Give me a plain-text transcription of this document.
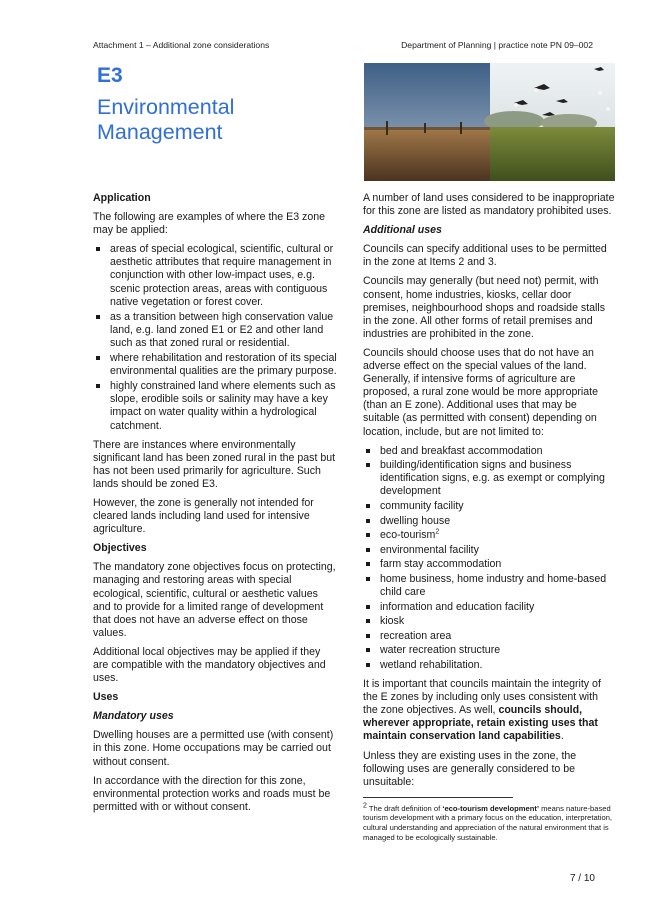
Attachment 1 – Additional zone considerations	Department of Planning | practice note PN 09–002
E3
Environmental Management
Application

The following are examples of where the E3 zone may be applied:

areas of special ecological, scientific, cultural or aesthetic attributes that require management in conjunction with other low-impact uses, e.g. scenic protection areas, areas with contiguous native vegetation or forest cover.
as a transition between high conservation value land, e.g. land zoned E1 or E2 and other land such as that zoned rural or residential.
where rehabilitation and restoration of its special environmental qualities are the primary purpose.
highly constrained land where elements such as slope, erodible soils or salinity may have a key impact on water quality within a hydrological catchment.

There are instances where environmentally significant land has been zoned rural in the past but has not been used primarily for agriculture. Such lands should be zoned E3.

However, the zone is generally not intended for cleared lands including land used for intensive agriculture.

Objectives

The mandatory zone objectives focus on protecting, managing and restoring areas with special ecological, scientific, cultural or aesthetic values and to provide for a limited range of development that does not have an adverse effect on those values.

Additional local objectives may be applied if they are compatible with the mandatory objectives and uses.

Uses
Mandatory uses

Dwelling houses are a permitted use (with consent) in this zone. Home occupations may be carried out without consent.

In accordance with the direction for this zone, environmental protection works and roads must be permitted with or without consent.

A number of land uses considered to be inappropriate for this zone are listed as mandatory prohibited uses.

Additional uses

Councils can specify additional uses to be permitted in the zone at Items 2 and 3.

Councils may generally (but need not) permit, with consent, home industries, kiosks, cellar door premises, neighbourhood shops and roadside stalls in the zone. All other forms of retail premises and industries are prohibited in the zone.

Councils should choose uses that do not have an adverse effect on the special values of the land. Generally, if intensive forms of agriculture are proposed, a rural zone would be more appropriate (than an E zone). Additional uses that may be suitable (as permitted with consent) depending on location, include, but are not limited to:

bed and breakfast accommodation
building/identification signs and business identification signs, e.g. as exempt or complying development
community facility
dwelling house
eco-tourism$^2$
environmental facility
farm stay accommodation
home business, home industry and home-based child care
information and education facility
kiosk
recreation area
water recreation structure
wetland rehabilitation.

It is important that councils maintain the integrity of the E zones by including only uses consistent with the zone objectives. As well, councils should, wherever appropriate, retain existing uses that maintain conservation land capabilities.

Unless they are existing uses in the zone, the following uses are generally considered to be unsuitable:

$^2$ The draft definition of ‘eco-tourism development’ means nature-based tourism development with a primary focus on the education, interpretation, cultural understanding and appreciation of the natural environment that is managed to be ecologically sustainable.

7 / 10
